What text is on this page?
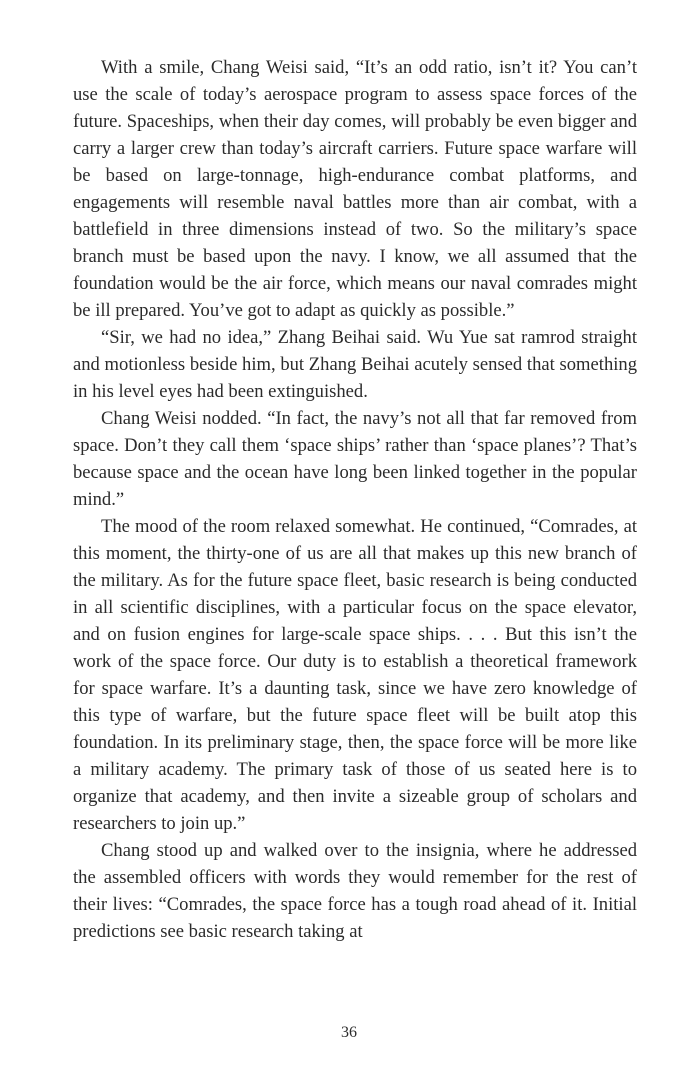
With a smile, Chang Weisi said, “It’s an odd ratio, isn’t it? You can’t use the scale of today’s aerospace program to assess space forces of the future. Spaceships, when their day comes, will probably be even bigger and carry a larger crew than today’s aircraft carriers. Future space warfare will be based on large-tonnage, high-endurance combat platforms, and engagements will resemble naval battles more than air combat, with a battlefield in three dimensions instead of two. So the military’s space branch must be based upon the navy. I know, we all assumed that the foundation would be the air force, which means our naval comrades might be ill prepared. You’ve got to adapt as quickly as possible.”

“Sir, we had no idea,” Zhang Beihai said. Wu Yue sat ramrod straight and motionless beside him, but Zhang Beihai acutely sensed that something in his level eyes had been extinguished.

Chang Weisi nodded. “In fact, the navy’s not all that far removed from space. Don’t they call them ‘space ships’ rather than ‘space planes’? That’s because space and the ocean have long been linked together in the popular mind.”

The mood of the room relaxed somewhat. He continued, “Comrades, at this moment, the thirty-one of us are all that makes up this new branch of the military. As for the future space fleet, basic research is being conducted in all scientific disciplines, with a particular focus on the space elevator, and on fusion engines for large-scale space ships. . . . But this isn’t the work of the space force. Our duty is to establish a theoretical framework for space warfare. It’s a daunting task, since we have zero knowledge of this type of warfare, but the future space fleet will be built atop this foundation. In its preliminary stage, then, the space force will be more like a military academy. The primary task of those of us seated here is to organize that academy, and then invite a sizeable group of scholars and researchers to join up.”

Chang stood up and walked over to the insignia, where he addressed the assembled officers with words they would remember for the rest of their lives: “Comrades, the space force has a tough road ahead of it. Initial predictions see basic research taking at

36
